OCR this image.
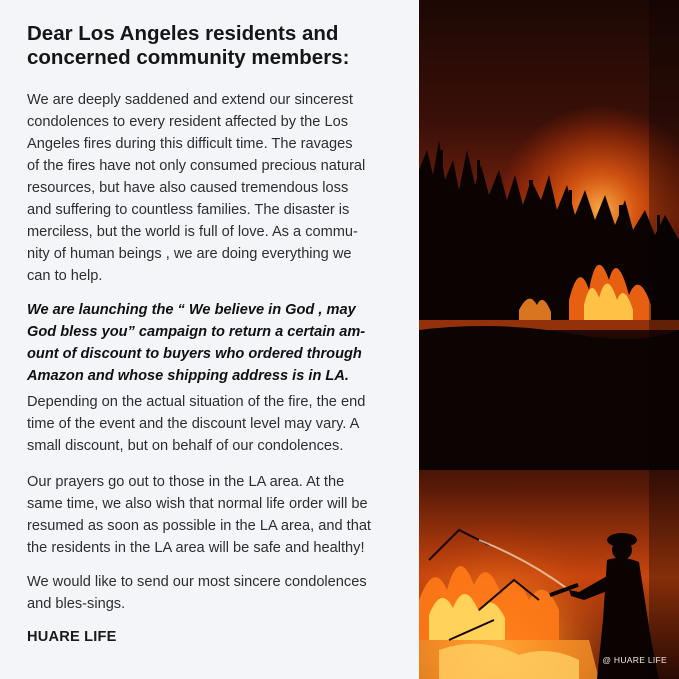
Dear Los Angeles residents and
concerned community members:

We are deeply saddened and extend our sincerest
condolences to every resident affected by the Los
Angeles fires during this difficult time. The ravages
of the fires have not only consumed precious natural
resources, but have also caused tremendous loss
and suffering to countless families. The disaster is
merciless, but the world is full of love. As a commu-
nity of human beings , we are doing everything we
can to help.

We are launching the “ We believe in God , may
God bless you” campaign to return a certain am-
ount of discount to buyers who ordered through
Amazon and whose shipping address is in LA.

Depending on the actual situation of the fire, the end
time of the event and the discount level may vary. A
small discount, but on behalf of our condolences.

Our prayers go out to those in the LA area. At the
same time, we also wish that normal life order will be
resumed as soon as possible in the LA area, and that
the residents in the LA area will be safe and healthy!

We would like to send our most sincere condolences
and bles-sings.

HUARE LIFE
@ HUARE LIFE
